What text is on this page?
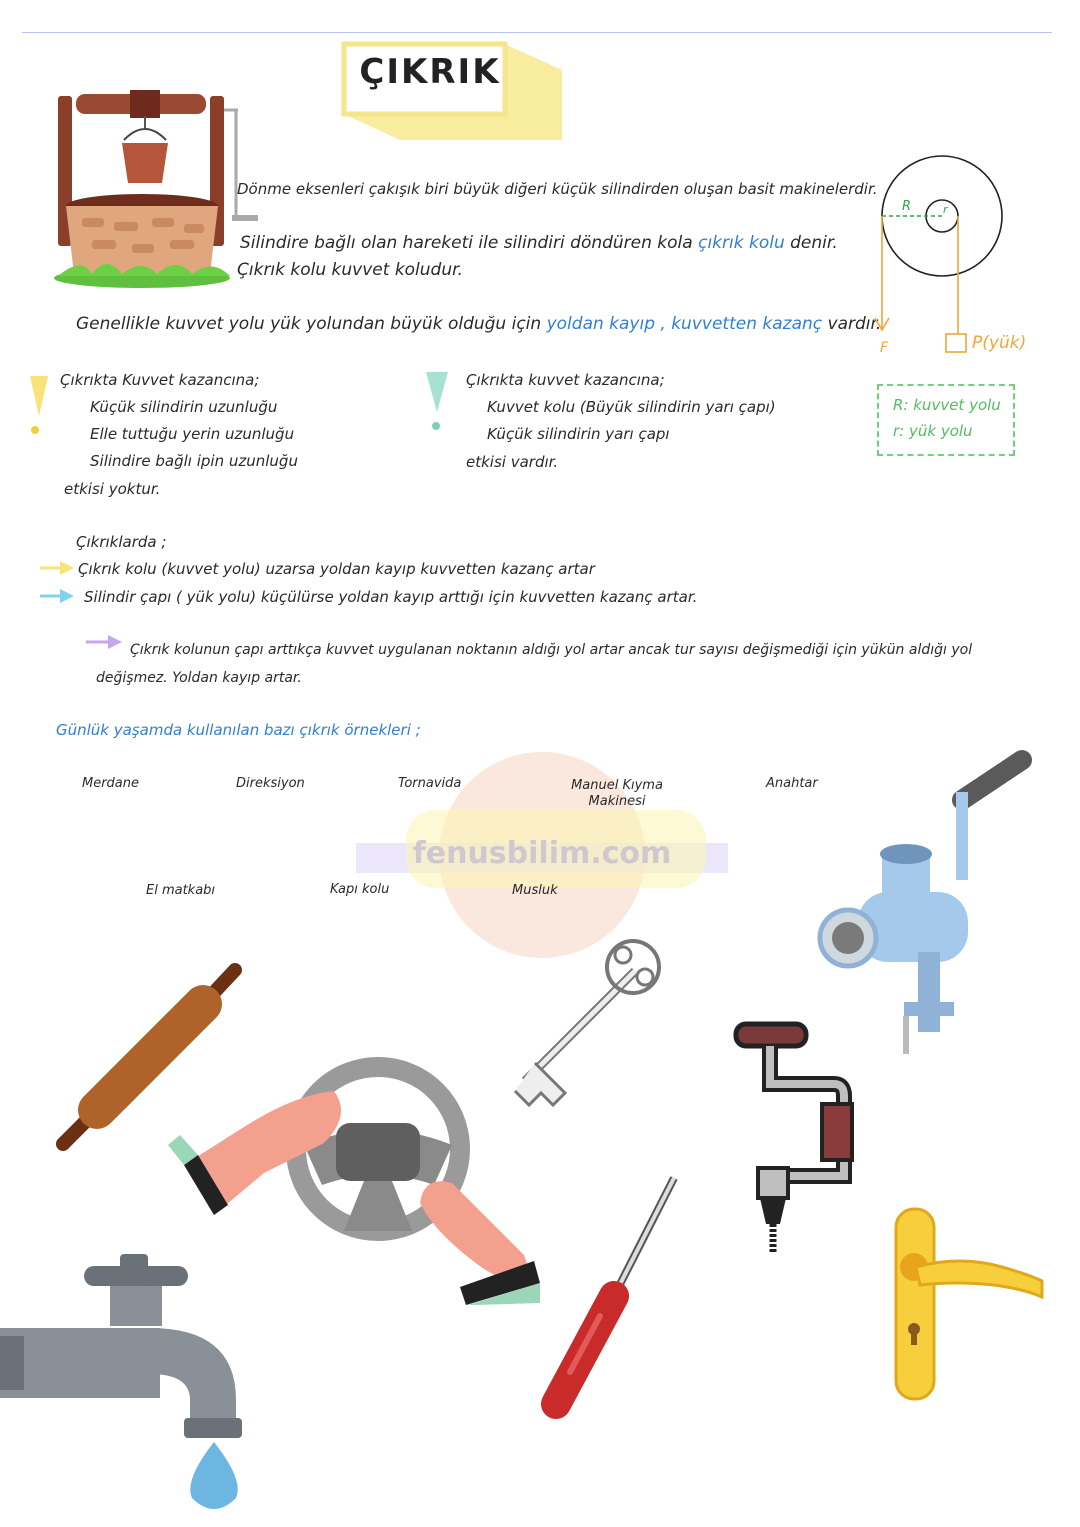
ÇIKRIK
Dönme eksenleri çakışık biri büyük diğeri küçük silindirden oluşan basit makinelerdir.
Silindire bağlı olan hareketi ile silindiri döndüren kola çıkrık kolu denir.
Çıkrık kolu kuvvet koludur.
Genellikle kuvvet yolu yük yolundan büyük olduğu için yoldan kayıp , kuvvetten kazanç vardır.
R	r
F	P(yük)
R: kuvvet yolu
r: yük yolu
Çıkrıkta Kuvvet kazancına;
Küçük silindirin uzunluğu
Elle tuttuğu yerin uzunluğu
Silindire bağlı ipin uzunluğu
etkisi yoktur.
Çıkrıkta kuvvet kazancına;
Kuvvet kolu (Büyük silindirin yarı çapı)
Küçük silindirin yarı çapı
etkisi vardır.
Çıkrıklarda ;
Çıkrık kolu (kuvvet yolu) uzarsa yoldan kayıp kuvvetten kazanç artar
Silindir çapı ( yük yolu) küçülürse yoldan kayıp arttığı için kuvvetten kazanç artar.
Çıkrık kolunun çapı arttıkça kuvvet uygulanan noktanın aldığı yol artar ancak tur sayısı değişmediği için yükün aldığı yol
değişmez. Yoldan kayıp artar.
Günlük yaşamda kullanılan bazı çıkrık örnekleri ;
fenusbilim.com
Merdane	Direksiyon	Tornavida	Manuel Kıyma Makinesi
Anahtar
El matkabı	Kapı kolu	Musluk
